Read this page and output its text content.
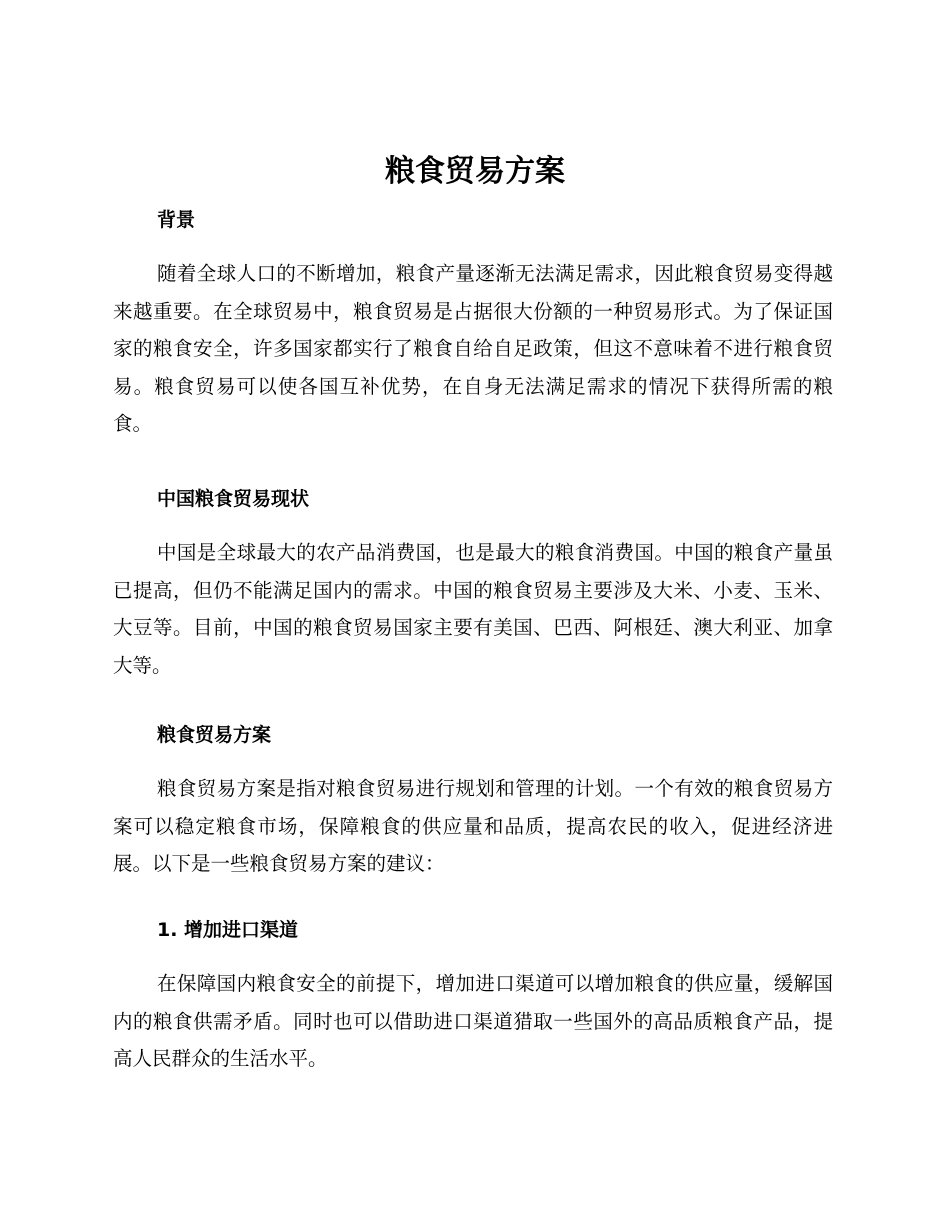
粮食贸易方案
背景

随着全球人口的不断增加，粮食产量逐渐无法满足需求，因此粮食贸易变得越来越重要。在全球贸易中，粮食贸易是占据很大份额的一种贸易形式。为了保证国家的粮食安全，许多国家都实行了粮食自给自足政策，但这不意味着不进行粮食贸易。粮食贸易可以使各国互补优势，在自身无法满足需求的情况下获得所需的粮食。

中国粮食贸易现状

中国是全球最大的农产品消费国，也是最大的粮食消费国。中国的粮食产量虽已提高，但仍不能满足国内的需求。中国的粮食贸易主要涉及大米、小麦、玉米、大豆等。目前，中国的粮食贸易国家主要有美国、巴西、阿根廷、澳大利亚、加拿大等。

粮食贸易方案

粮食贸易方案是指对粮食贸易进行规划和管理的计划。一个有效的粮食贸易方案可以稳定粮食市场，保障粮食的供应量和品质，提高农民的收入，促进经济进展。以下是一些粮食贸易方案的建议：

1. 增加进口渠道

在保障国内粮食安全的前提下，增加进口渠道可以增加粮食的供应量，缓解国内的粮食供需矛盾。同时也可以借助进口渠道猎取一些国外的高品质粮食产品，提高人民群众的生活水平。
